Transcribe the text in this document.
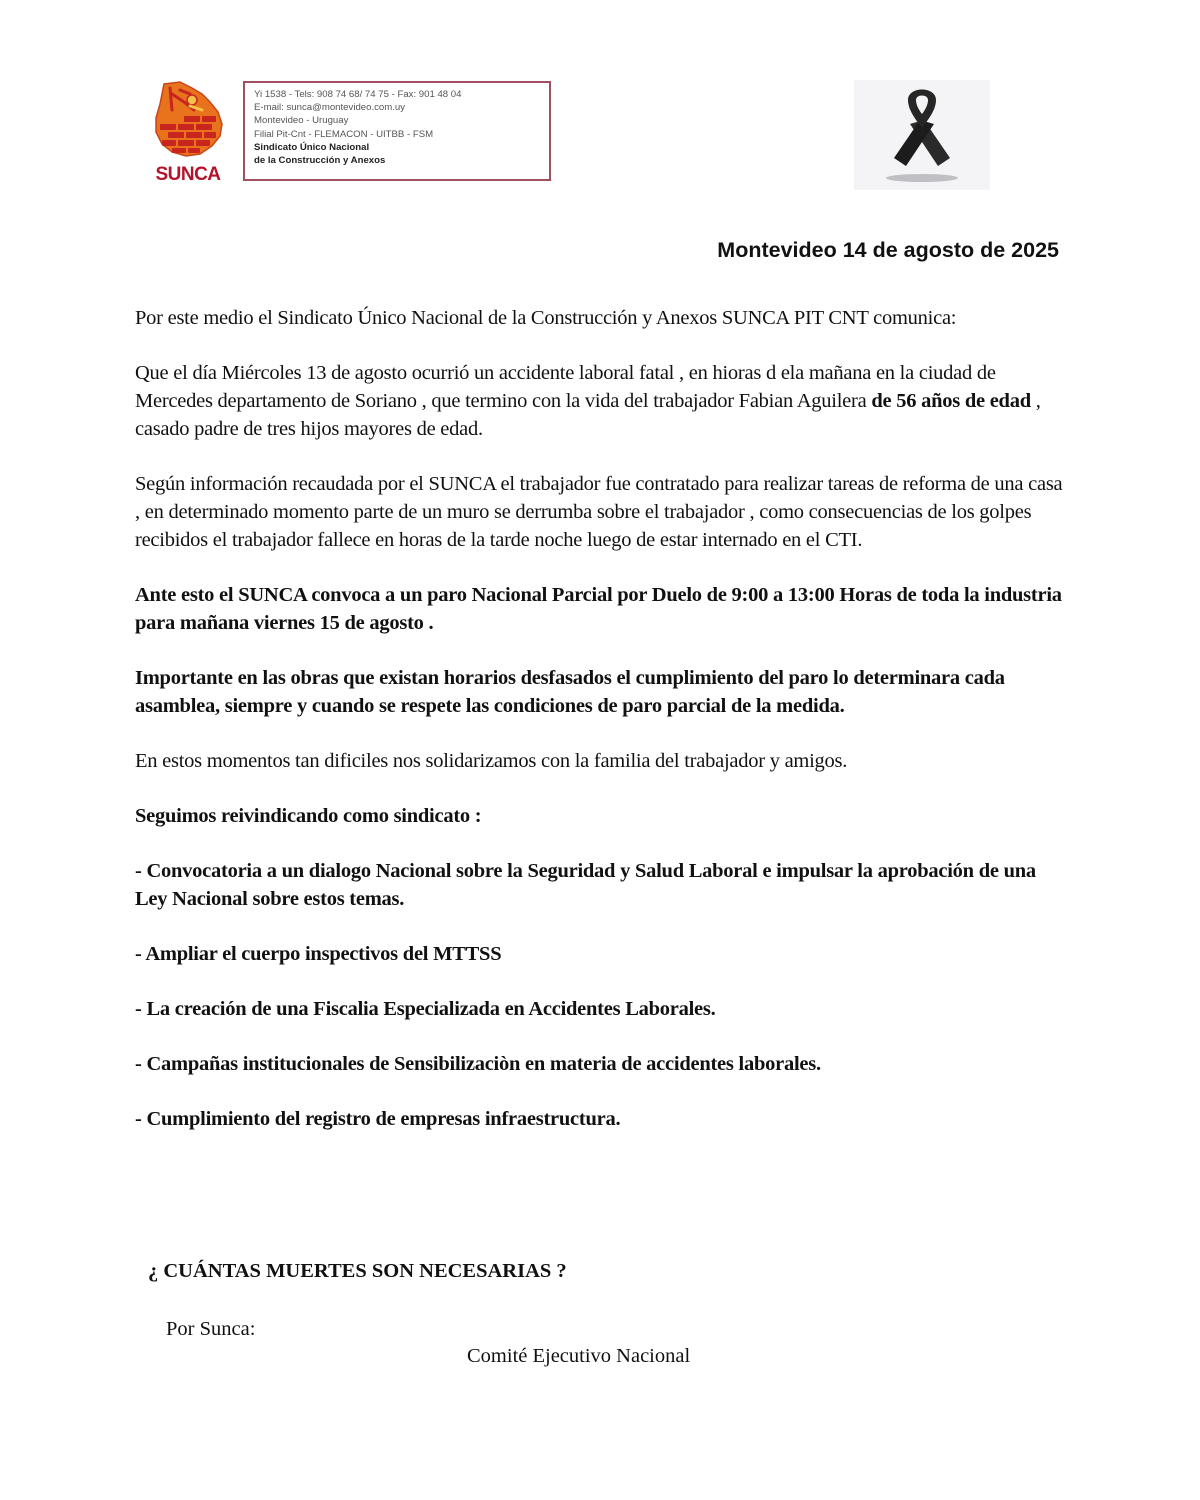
SUNCA
Yi 1538 - Tels: 908 74 68/ 74 75 - Fax: 901 48 04
E-mail: sunca@montevideo.com.uy
Montevideo - Uruguay
Filial Pit-Cnt - FLEMACON - UITBB - FSM
Sindicato Único Nacional
de la Construcción y Anexos
Montevideo 14 de agosto de 2025

Por este medio el Sindicato Único Nacional de la Construcción y Anexos SUNCA PIT CNT comunica:

Que el día Miércoles 13 de agosto ocurrió un accidente laboral fatal , en hioras d ela mañana en la ciudad de Mercedes departamento de Soriano , que termino con la vida del trabajador Fabian Aguilera de 56 años de edad , casado padre de tres hijos mayores de edad.

Según información recaudada por el SUNCA el trabajador fue contratado para realizar tareas de reforma de una casa , en determinado momento parte de un muro se derrumba sobre el trabajador , como consecuencias de los golpes recibidos el trabajador fallece en horas de la tarde noche luego de estar internado en el CTI.

Ante esto el SUNCA convoca a un paro Nacional Parcial por Duelo de 9:00 a 13:00 Horas de toda la industria para mañana viernes 15 de agosto .

Importante en las obras que existan horarios desfasados el cumplimiento del paro lo determinara cada asamblea, siempre y cuando se respete las condiciones de paro parcial de la medida.

En estos momentos tan dificiles nos solidarizamos con la familia del trabajador y amigos.

Seguimos reivindicando como sindicato :

- Convocatoria a un dialogo Nacional sobre la Seguridad y Salud Laboral e impulsar la aprobación de una Ley Nacional sobre estos temas.

- Ampliar el cuerpo inspectivos del MTTSS

- La creación de una Fiscalia Especializada en Accidentes Laborales.

- Campañas institucionales de Sensibilizaciòn en materia de accidentes laborales.

- Cumplimiento del registro de empresas infraestructura.

¿ CUÁNTAS MUERTES SON NECESARIAS ?
Por Sunca:
Comité Ejecutivo Nacional
